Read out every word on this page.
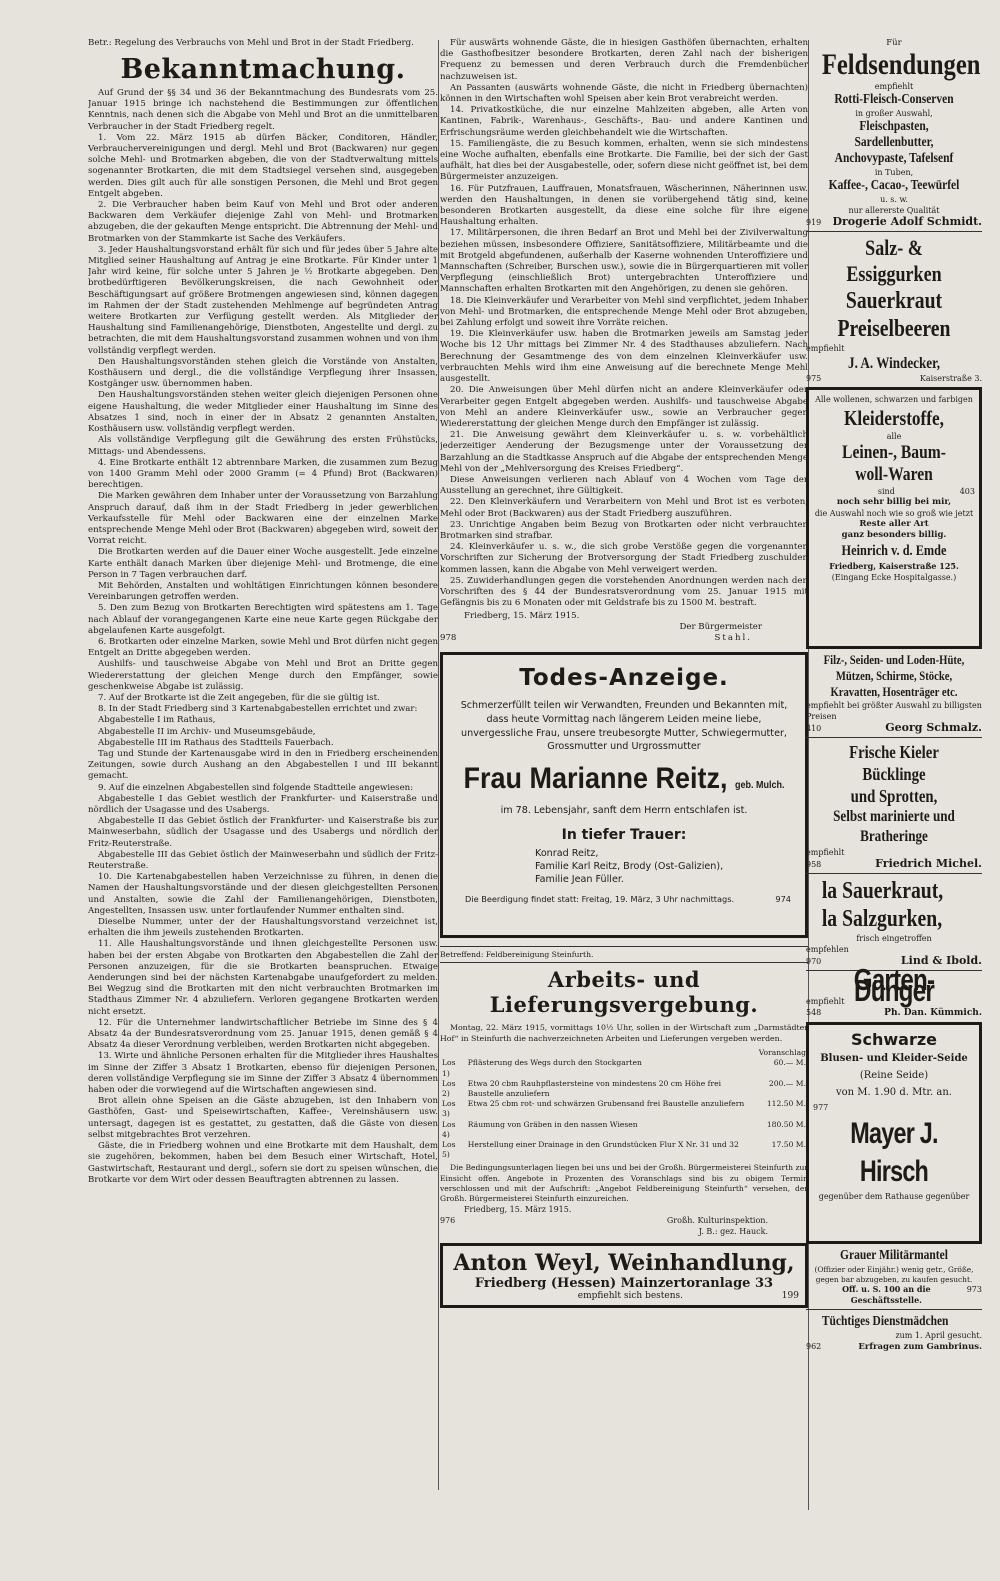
Betr.: Regelung des Verbrauchs von Mehl und Brot in der Stadt Friedberg.
Bekanntmachung.

Auf Grund der §§ 34 und 36 der Bekanntmachung des Bundesrats vom 25. Januar 1915 bringe ich nachstehend die Bestimmungen zur öffentlichen Kenntnis, nach denen sich die Abgabe von Mehl und Brot an die unmittelbaren Verbraucher in der Stadt Friedberg regelt.

1. Vom 22. März 1915 ab dürfen Bäcker, Conditoren, Händler, Verbrauchervereinigungen und dergl. Mehl und Brot (Backwaren) nur gegen solche Mehl- und Brotmarken abgeben, die von der Stadtverwaltung mittels sogenannter Brotkarten, die mit dem Stadtsiegel versehen sind, ausgegeben werden. Dies gilt auch für alle sonstigen Personen, die Mehl und Brot gegen Entgelt abgeben.

2. Die Verbraucher haben beim Kauf von Mehl und Brot oder anderen Backwaren dem Verkäufer diejenige Zahl von Mehl- und Brotmarken abzugeben, die der gekauften Menge entspricht. Die Abtrennung der Mehl- und Brotmarken von der Stammkarte ist Sache des Verkäufers.

3. Jeder Haushaltungsvorstand erhält für sich und für jedes über 5 Jahre alte Mitglied seiner Haushaltung auf Antrag je eine Brotkarte. Für Kinder unter 1 Jahr wird keine, für solche unter 5 Jahren je ½ Brotkarte abgegeben. Den brotbedürftigeren Bevölkerungskreisen, die nach Gewohnheit oder Beschäftigungsart auf größere Brotmengen angewiesen sind, können dagegen im Rahmen der der Stadt zustehenden Mehlmenge auf begründeten Antrag weitere Brotkarten zur Verfügung gestellt werden. Als Mitglieder der Haushaltung sind Familienangehörige, Dienstboten, Angestellte und dergl. zu betrachten, die mit dem Haushaltungsvorstand zusammen wohnen und von ihm vollständig verpflegt werden.

Den Haushaltungsvorständen stehen gleich die Vorstände von Anstalten, Kosthäusern und dergl., die die vollständige Verpflegung ihrer Insassen, Kostgänger usw. übernommen haben.

Den Haushaltungsvorständen stehen weiter gleich diejenigen Personen ohne eigene Haushaltung, die weder Mitglieder einer Haushaltung im Sinne des Absatzes 1 sind, noch in einer der in Absatz 2 genannten Anstalten, Kosthäusern usw. vollständig verpflegt werden.

Als vollständige Verpflegung gilt die Gewährung des ersten Frühstücks, Mittags- und Abendessens.

4. Eine Brotkarte enthält 12 abtrennbare Marken, die zusammen zum Bezug von 1400 Gramm Mehl oder 2000 Gramm (= 4 Pfund) Brot (Backwaren) berechtigen.

Die Marken gewähren dem Inhaber unter der Voraussetzung von Barzahlung Anspruch darauf, daß ihm in der Stadt Friedberg in jeder gewerblichen Verkaufsstelle für Mehl oder Backwaren eine der einzelnen Marke entsprechende Menge Mehl oder Brot (Backwaren) abgegeben wird, soweit der Vorrat reicht.

Die Brotkarten werden auf die Dauer einer Woche ausgestellt. Jede einzelne Karte enthält danach Marken über diejenige Mehl- und Brotmenge, die eine Person in 7 Tagen verbrauchen darf.

Mit Behörden, Anstalten und wohltätigen Einrichtungen können besondere Vereinbarungen getroffen werden.

5. Den zum Bezug von Brotkarten Berechtigten wird spätestens am 1. Tage nach Ablauf der vorangegangenen Karte eine neue Karte gegen Rückgabe der abgelaufenen Karte ausgefolgt.

6. Brotkarten oder einzelne Marken, sowie Mehl und Brot dürfen nicht gegen Entgelt an Dritte abgegeben werden.

Aushilfs- und tauschweise Abgabe von Mehl und Brot an Dritte gegen Wiedererstattung der gleichen Menge durch den Empfänger, sowie geschenkweise Abgabe ist zulässig.

7. Auf der Brotkarte ist die Zeit angegeben, für die sie gültig ist.

8. In der Stadt Friedberg sind 3 Kartenabgabestellen errichtet und zwar:

Abgabestelle I im Rathaus,

Abgabestelle II im Archiv- und Museumsgebäude,

Abgabestelle III im Rathaus des Stadtteils Fauerbach.

Tag und Stunde der Kartenausgabe wird in den in Friedberg erscheinenden Zeitungen, sowie durch Aushang an den Abgabestellen I und III bekannt gemacht.

9. Auf die einzelnen Abgabestellen sind folgende Stadtteile angewiesen:

Abgabestelle I das Gebiet westlich der Frankfurter- und Kaiserstraße und nördlich der Usagasse und des Usabergs.

Abgabestelle II das Gebiet östlich der Frankfurter- und Kaiserstraße bis zur Mainweserbahn, südlich der Usagasse und des Usabergs und nördlich der Fritz-Reuterstraße.

Abgabestelle III das Gebiet östlich der Mainweserbahn und südlich der Fritz-Reuterstraße.

10. Die Kartenabgabestellen haben Verzeichnisse zu führen, in denen die Namen der Haushaltungsvorstände und der diesen gleichgestellten Personen und Anstalten, sowie die Zahl der Familienangehörigen, Dienstboten, Angestellten, Insassen usw. unter fortlaufender Nummer enthalten sind.

Dieselbe Nummer, unter der der Haushaltungsvorstand verzeichnet ist, erhalten die ihm jeweils zustehenden Brotkarten.

11. Alle Haushaltungsvorstände und ihnen gleichgestellte Personen usw. haben bei der ersten Abgabe von Brotkarten den Abgabestellen die Zahl der Personen anzuzeigen, für die sie Brotkarten beanspruchen. Etwaige Aenderungen sind bei der nächsten Kartenabgabe unaufgefordert zu melden. Bei Wegzug sind die Brotkarten mit den nicht verbrauchten Brotmarken im Stadthaus Zimmer Nr. 4 abzuliefern. Verloren gegangene Brotkarten werden nicht ersetzt.

12. Für die Unternehmer landwirtschaftlicher Betriebe im Sinne des § 4 Absatz 4a der Bundesratsverordnung vom 25. Januar 1915, denen gemäß § 4 Absatz 4a dieser Verordnung verbleiben, werden Brotkarten nicht abgegeben.

13. Wirte und ähnliche Personen erhalten für die Mitglieder ihres Haushaltes im Sinne der Ziffer 3 Absatz 1 Brotkarten, ebenso für diejenigen Personen, deren vollständige Verpflegung sie im Sinne der Ziffer 3 Absatz 4 übernommen haben oder die vorwiegend auf die Wirtschaften angewiesen sind.

Brot allein ohne Speisen an die Gäste abzugeben, ist den Inhabern von Gasthöfen, Gast- und Speisewirtschaften, Kaffee-, Vereinshäusern usw. untersagt, dagegen ist es gestattet, zu gestatten, daß die Gäste von diesen selbst mitgebrachtes Brot verzehren.

Gäste, die in Friedberg wohnen und eine Brotkarte mit dem Haushalt, dem sie zugehören, bekommen, haben bei dem Besuch einer Wirtschaft, Hotel, Gastwirtschaft, Restaurant und dergl., sofern sie dort zu speisen wünschen, die Brotkarte vor dem Wirt oder dessen Beauftragten abtrennen zu lassen.

Für auswärts wohnende Gäste, die in hiesigen Gasthöfen übernachten, erhalten die Gasthofbesitzer besondere Brotkarten, deren Zahl nach der bisherigen Frequenz zu bemessen und deren Verbrauch durch die Fremdenbücher nachzuweisen ist.

An Passanten (auswärts wohnende Gäste, die nicht in Friedberg übernachten) können in den Wirtschaften wohl Speisen aber kein Brot verabreicht werden.

14. Privatkostküche, die nur einzelne Mahlzeiten abgeben, alle Arten von Kantinen, Fabrik-, Warenhaus-, Geschäfts-, Bau- und andere Kantinen und Erfrischungsräume werden gleichbehandelt wie die Wirtschaften.

15. Familiengäste, die zu Besuch kommen, erhalten, wenn sie sich mindestens eine Woche aufhalten, ebenfalls eine Brotkarte. Die Familie, bei der sich der Gast aufhält, hat dies bei der Ausgabestelle, oder, sofern diese nicht geöffnet ist, bei dem Bürgermeister anzuzeigen.

16. Für Putzfrauen, Lauffrauen, Monatsfrauen, Wäscherinnen, Näherinnen usw. werden den Haushaltungen, in denen sie vorübergehend tätig sind, keine besonderen Brotkarten ausgestellt, da diese eine solche für ihre eigene Haushaltung erhalten.

17. Militärpersonen, die ihren Bedarf an Brot und Mehl bei der Zivilverwaltung beziehen müssen, insbesondere Offiziere, Sanitätsoffiziere, Militärbeamte und die mit Brotgeld abgefundenen, außerhalb der Kaserne wohnenden Unteroffiziere und Mannschaften (Schreiber, Burschen usw.), sowie die in Bürgerquartieren mit voller Verpflegung (einschließlich Brot) untergebrachten Unteroffiziere und Mannschaften erhalten Brotkarten mit den Angehörigen, zu denen sie gehören.

18. Die Kleinverkäufer und Verarbeiter von Mehl sind verpflichtet, jedem Inhaber von Mehl- und Brotmarken, die entsprechende Menge Mehl oder Brot abzugeben, bei Zahlung erfolgt und soweit ihre Vorräte reichen.

19. Die Kleinverkäufer usw. haben die Brotmarken jeweils am Samstag jeder Woche bis 12 Uhr mittags bei Zimmer Nr. 4 des Stadthauses abzuliefern. Nach Berechnung der Gesamtmenge des von dem einzelnen Kleinverkäufer usw. verbrauchten Mehls wird ihm eine Anweisung auf die berechnete Menge Mehl ausgestellt.

20. Die Anweisungen über Mehl dürfen nicht an andere Kleinverkäufer oder Verarbeiter gegen Entgelt abgegeben werden. Aushilfs- und tauschweise Abgabe von Mehl an andere Kleinverkäufer usw., sowie an Verbraucher gegen Wiedererstattung der gleichen Menge durch den Empfänger ist zulässig.

21. Die Anweisung gewährt dem Kleinverkäufer u. s. w. vorbehältlich jederzeitiger Aenderung der Bezugsmenge unter der Voraussetzung der Barzahlung an die Stadtkasse Anspruch auf die Abgabe der entsprechenden Menge Mehl von der „Mehlversorgung des Kreises Friedberg“.

Diese Anweisungen verlieren nach Ablauf von 4 Wochen vom Tage der Ausstellung an gerechnet, ihre Gültigkeit.

22. Den Kleinverkäufern und Verarbeitern von Mehl und Brot ist es verboten, Mehl oder Brot (Backwaren) aus der Stadt Friedberg auszuführen.

23. Unrichtige Angaben beim Bezug von Brotkarten oder nicht verbrauchten Brotmarken sind strafbar.

24. Kleinverkäufer u. s. w., die sich grobe Verstöße gegen die vorgenannten Vorschriften zur Sicherung der Brotversorgung der Stadt Friedberg zuschulden kommen lassen, kann die Abgabe von Mehl verweigert werden.

25. Zuwiderhandlungen gegen die vorstehenden Anordnungen werden nach den Vorschriften des § 44 der Bundesratsverordnung vom 25. Januar 1915 mit Gefängnis bis zu 6 Monaten oder mit Geldstrafe bis zu 1500 M. bestraft.

Friedberg, 15. März 1915.
Der Bürgermeister
978	Stahl.
Todes-Anzeige.
Schmerzerfüllt teilen wir Verwandten, Freunden und Bekannten mit, dass heute Vormittag nach längerem Leiden meine liebe, unvergessliche Frau, unsere treubesorgte Mutter, Schwiegermutter, Grossmutter und Urgrossmutter
Frau Marianne Reitz, geb. Mulch.
im 78. Lebensjahr, sanft dem Herrn entschlafen ist.
In tiefer Trauer:
Konrad Reitz,
Familie Karl Reitz, Brody (Ost-Galizien),
Familie Jean Füller.
Die Beerdigung findet statt: Freitag, 19. März, 3 Uhr nachmittags.	974
Betreffend: Feldbereinigung Steinfurth.
Arbeits- und Lieferungsvergebung.

Montag, 22. März 1915, vormittags 10½ Uhr, sollen in der Wirtschaft zum „Darmstädter Hof“ in Steinfurth die nachverzeichneten Arbeiten und Lieferungen vergeben werden.

		Voranschlag
Los 1)	Pflästerung des Wegs durch den Stockgarten	60.— M.
Los 2)	Etwa 20 cbm Rauhpflastersteine von mindestens 20 cm Höhe frei Baustelle anzuliefern	200.— M.
Los 3)	Etwa 25 cbm rot- und schwärzen Grubensand frei Baustelle anzuliefern	112.50 M.
Los 4)	Räumung von Gräben in den nassen Wiesen	180.50 M.
Los 5)	Herstellung einer Drainage in den Grundstücken Flur X Nr. 31 und 32	17.50 M.

Die Bedingungsunterlagen liegen bei uns und bei der Großh. Bürgermeisterei Steinfurth zur Einsicht offen. Angebote in Prozenten des Voranschlags sind bis zu obigem Termin verschlossen und mit der Aufschrift: „Angebot Feldbereinigung Steinfurth“ versehen, der Großh. Bürgermeisterei Steinfurth einzureichen.

Friedberg, 15. März 1915.
976	Großh. Kulturinspektion.
J. B.: gez. Hauck.
Anton Weyl, Weinhandlung,
Friedberg (Hessen) Mainzertoranlage 33
empfiehlt sich bestens.	199
Für
Feldsendungen
empfiehlt
Rotti-Fleisch-Conserven
in großer Auswahl,
Fleischpasten, Sardellenbutter,
Anchovypaste, Tafelsenf
in Tuben,
Kaffee-, Cacao-, Teewürfel
u. s. w.
nur allererste Qualität
919 Drogerie Adolf Schmidt.
Salz- & Essiggurken
Sauerkraut
Preiselbeeren
empfiehlt
J. A. Windecker,
975	Kaiserstraße 3.
Alle wollenen, schwarzen und farbigen
Kleiderstoffe,
alle
Leinen-, Baum-
woll-Waren
sind	403
noch sehr billig bei mir,
die Auswahl noch wie so groß wie jetzt
Reste aller Art
ganz besonders billig.
Heinrich v. d. Emde
Friedberg, Kaiserstraße 125.
(Eingang Ecke Hospitalgasse.)
Filz-, Seiden- und Loden-Hüte,
Mützen, Schirme, Stöcke,
Kravatten, Hosenträger etc.
empfiehlt bei größter Auswahl zu billigsten Preisen
410	Georg Schmalz.
Frische Kieler Bücklinge
und Sprotten,
Selbst marinierte und
Bratheringe
empfiehlt
958	Friedrich Michel.
la Sauerkraut,
la Salzgurken,
frisch eingetroffen
empfehlen
970	Lind & Ibold.
Garten-Dünger
empfiehlt
548	Ph. Dan. Kümmich.
Schwarze
Blusen- und Kleider-Seide
(Reine Seide)
von M. 1.90 d. Mtr. an.
977
Mayer J. Hirsch
gegenüber dem Rathause gegenüber
Grauer Militärmantel
(Offizier oder Einjähr.) wenig getr., Größe, gegen bar abzugeben, zu kaufen gesucht.
Off. u. S. 100 an die Geschäftsstelle.
973
Tüchtiges Dienstmädchen
zum 1. April gesucht.
962	Erfragen zum Gambrinus.
